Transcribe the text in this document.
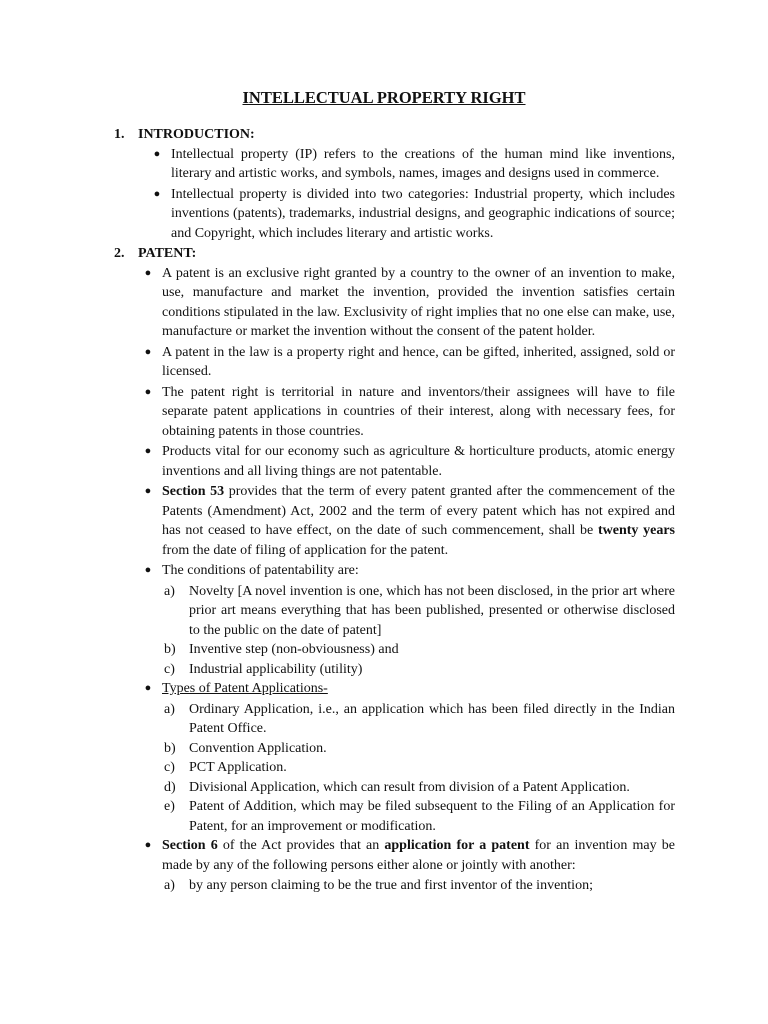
INTELLECTUAL PROPERTY RIGHT
1. INTRODUCTION:
● Intellectual property (IP) refers to the creations of the human mind like inventions, literary and artistic works, and symbols, names, images and designs used in commerce.
● Intellectual property is divided into two categories: Industrial property, which includes inventions (patents), trademarks, industrial designs, and geographic indications of source; and Copyright, which includes literary and artistic works.
2. PATENT:
● A patent is an exclusive right granted by a country to the owner of an invention to make, use, manufacture and market the invention, provided the invention satisfies certain conditions stipulated in the law. Exclusivity of right implies that no one else can make, use, manufacture or market the invention without the consent of the patent holder.
● A patent in the law is a property right and hence, can be gifted, inherited, assigned, sold or licensed.
● The patent right is territorial in nature and inventors/their assignees will have to file separate patent applications in countries of their interest, along with necessary fees, for obtaining patents in those countries.
● Products vital for our economy such as agriculture & horticulture products, atomic energy inventions and all living things are not patentable.
● Section 53 provides that the term of every patent granted after the commencement of the Patents (Amendment) Act, 2002 and the term of every patent which has not expired and has not ceased to have effect, on the date of such commencement, shall be twenty years from the date of filing of application for the patent.
● The conditions of patentability are:
a)	Novelty [A novel invention is one, which has not been disclosed, in the prior art where prior art means everything that has been published, presented or otherwise disclosed to the public on the date of patent]
b) Inventive step (non-obviousness) and
c)	Industrial applicability (utility)
● Types of Patent Applications-
a)	Ordinary Application, i.e., an application which has been filed directly in the Indian Patent Office.
b) Convention Application.
c)	PCT Application.
d) Divisional Application, which can result from division of a Patent Application.
e)	Patent of Addition, which may be filed subsequent to the Filing of an Application for Patent, for an improvement or modification.
● Section 6 of the Act provides that an application for a patent for an invention may be made by any of the following persons either alone or jointly with another:
a)	by any person claiming to be the true and first inventor of the invention;
